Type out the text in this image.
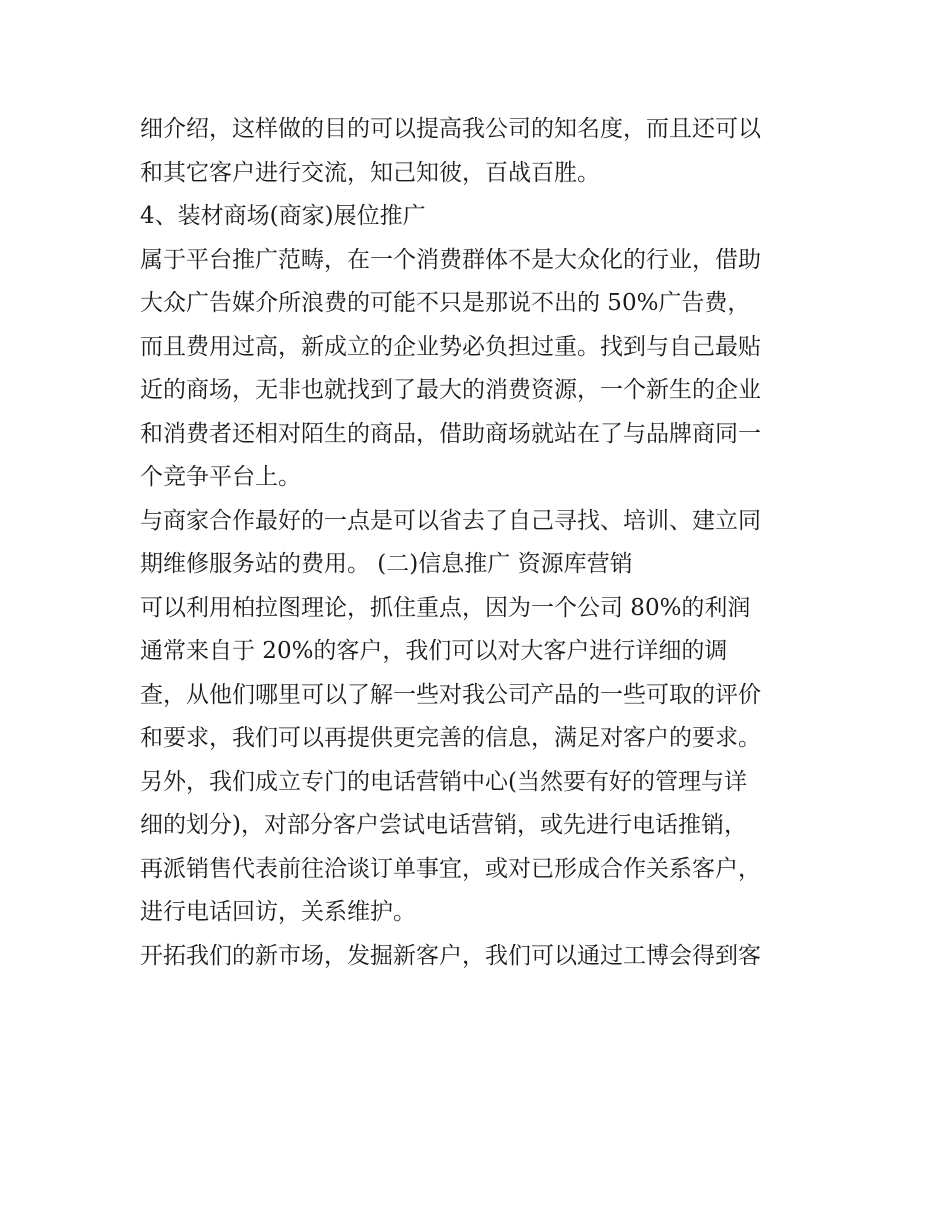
细介绍，这样做的目的可以提高我公司的知名度，而且还可以
和其它客户进行交流，知己知彼，百战百胜。
4、装材商场(商家)展位推广
属于平台推广范畴，在一个消费群体不是大众化的行业，借助
大众广告媒介所浪费的可能不只是那说不出的 50%广告费，
而且费用过高，新成立的企业势必负担过重。找到与自己最贴
近的商场，无非也就找到了最大的消费资源，一个新生的企业
和消费者还相对陌生的商品，借助商场就站在了与品牌商同一
个竞争平台上。
与商家合作最好的一点是可以省去了自己寻找、培训、建立同
期维修服务站的费用。 (二)信息推广 资源库营销
可以利用柏拉图理论，抓住重点，因为一个公司 80%的利润
通常来自于 20%的客户，我们可以对大客户进行详细的调
查，从他们哪里可以了解一些对我公司产品的一些可取的评价
和要求，我们可以再提供更完善的信息，满足对客户的要求。
另外，我们成立专门的电话营销中心(当然要有好的管理与详
细的划分)，对部分客户尝试电话营销，或先进行电话推销，
再派销售代表前往洽谈订单事宜，或对已形成合作关系客户，
进行电话回访，关系维护。
开拓我们的新市场，发掘新客户，我们可以通过工博会得到客
